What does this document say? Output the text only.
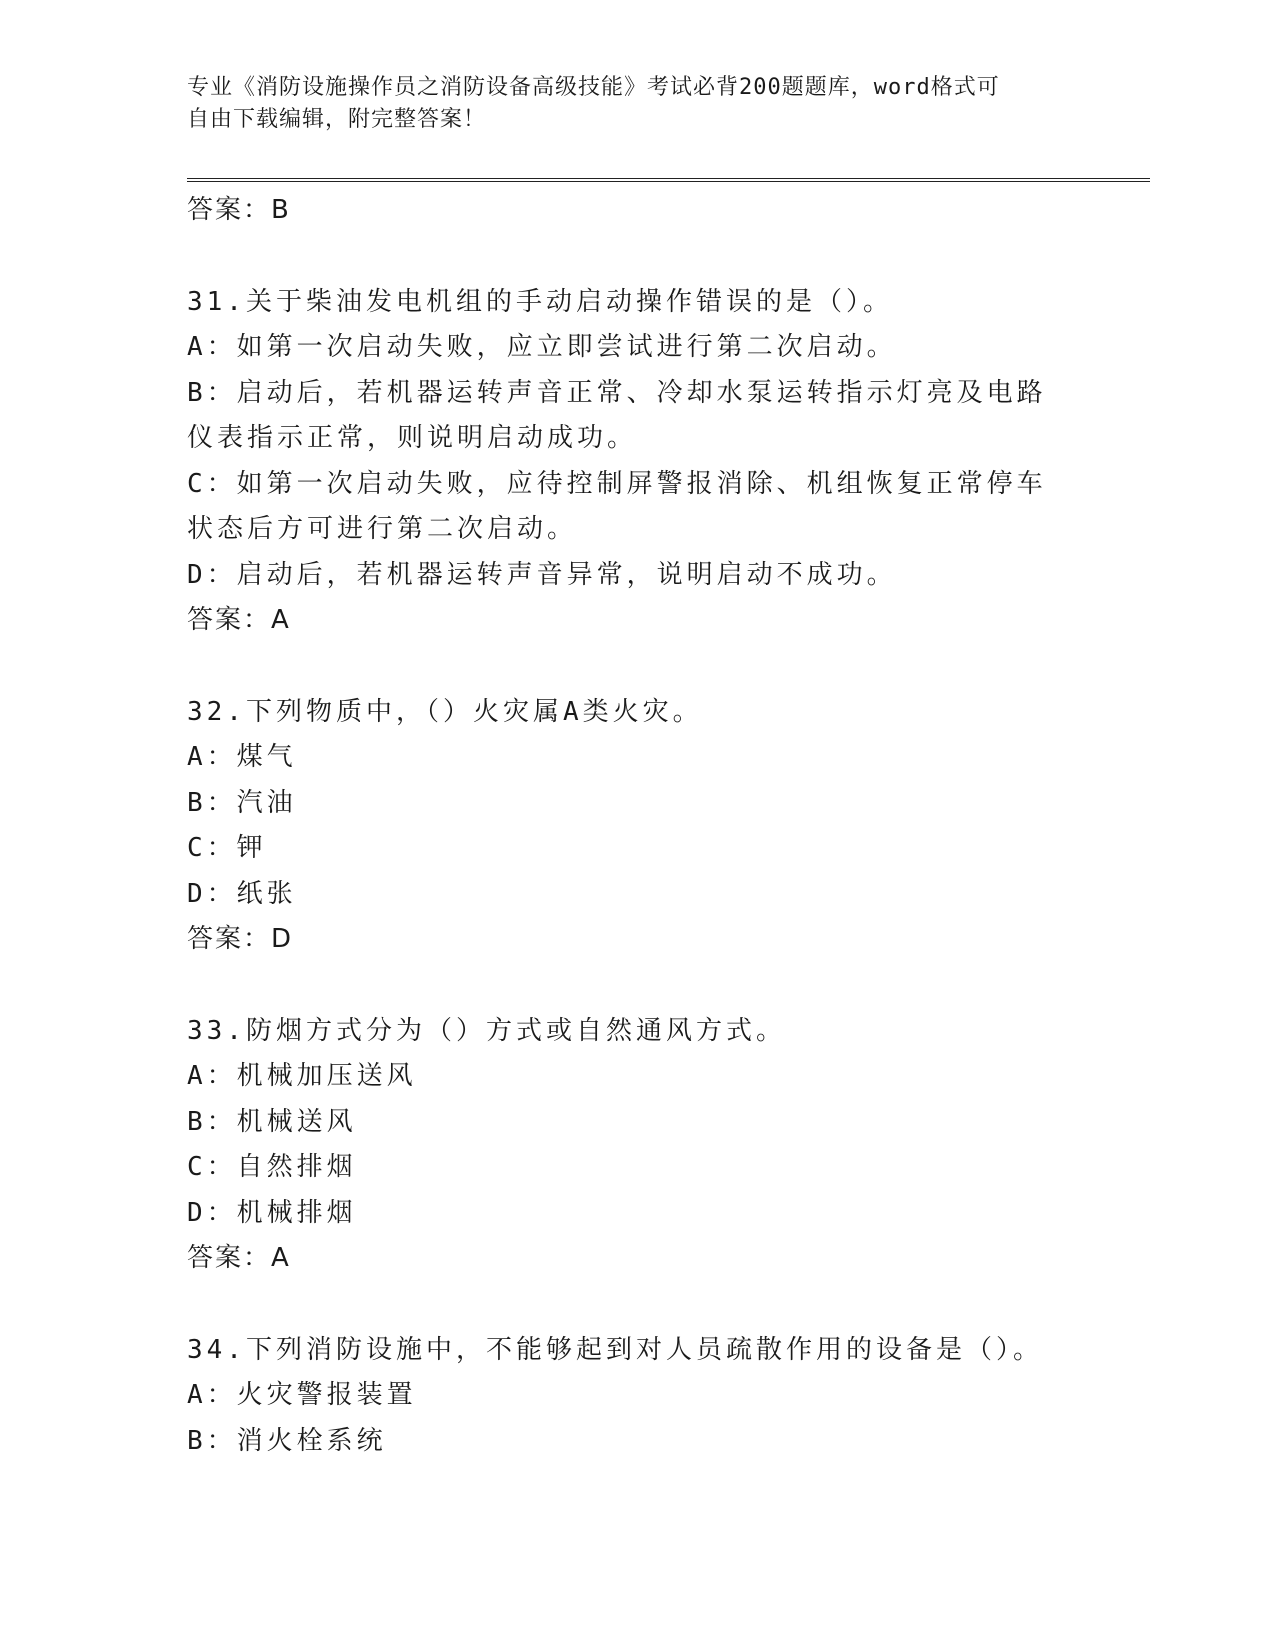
专业《消防设施操作员之消防设备高级技能》考试必背200题题库，word格式可
自由下载编辑，附完整答案！

答案：B

31.关于柴油发电机组的手动启动操作错误的是（）。

A：如第一次启动失败，应立即尝试进行第二次启动。

B：启动后，若机器运转声音正常、冷却水泵运转指示灯亮及电路仪表指示正常，则说明启动成功。

C：如第一次启动失败，应待控制屏警报消除、机组恢复正常停车状态后方可进行第二次启动。

D：启动后，若机器运转声音异常，说明启动不成功。

答案：A

32.下列物质中，（）火灾属A类火灾。

A：煤气

B：汽油

C：钾

D：纸张

答案：D

33.防烟方式分为（）方式或自然通风方式。

A：机械加压送风

B：机械送风

C：自然排烟

D：机械排烟

答案：A

34.下列消防设施中，不能够起到对人员疏散作用的设备是（）。

A：火灾警报装置

B：消火栓系统
